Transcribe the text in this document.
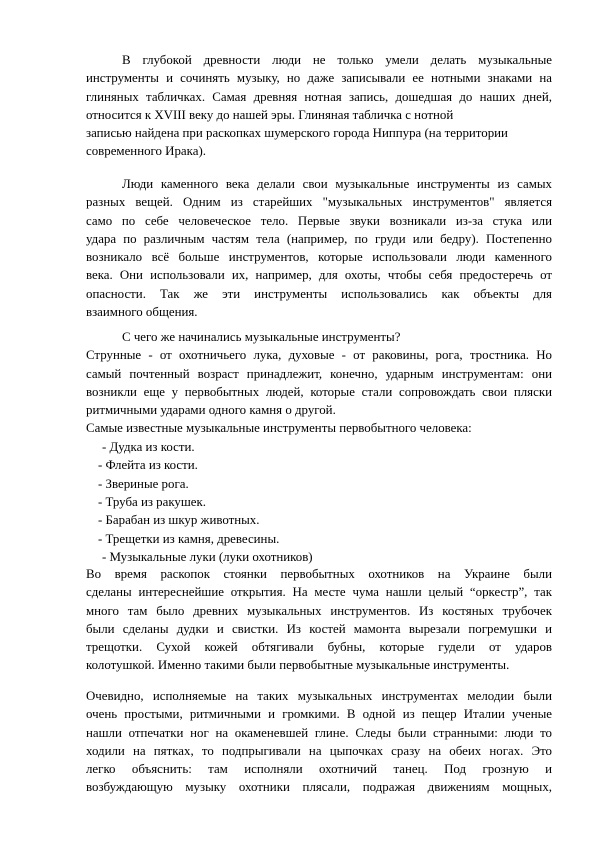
В глубокой древности люди не только умели делать музыкальные
инструменты и сочинять музыку, но даже записывали ее нотными знаками на
глиняных табличках. Самая древняя нотная запись, дошедшая до наших дней,
относится к XVIII веку до нашей эры. Глиняная табличка с нотной
записью найдена при раскопках шумерского города Ниппура (на территории
современного Ирака).
Люди каменного века делали свои музыкальные инструменты из самых
разных вещей. Одним из старейших "музыкальных инструментов" является
само по себе человеческое тело. Первые звуки возникали из-за стука или
удара по различным частям тела (например, по груди или бедру). Постепенно
возникало всё больше инструментов, которые использовали люди каменного
века. Они использовали их, например, для охоты, чтобы себя предостеречь от
опасности. Так же эти инструменты использовались как объекты для
взаимного общения.
С чего же начинались музыкальные инструменты?
Струнные - от охотничьего лука, духовые - от раковины, рога, тростника. Но
самый почтенный возраст принадлежит, конечно, ударным инструментам: они
возникли еще у первобытных людей, которые стали сопровождать свои пляски
ритмичными ударами одного камня о другой.
Самые известные музыкальные инструменты первобытного человека:
- Дудка из кости.
- Флейта из кости.
- Звериные рога.
- Труба из ракушек.
- Барабан из шкур животных.
- Трещетки из камня, древесины.
- Музыкальные луки (луки охотников)
Во время раскопок стоянки первобытных охотников на Украине были
сделаны интереснейшие открытия. На месте чума нашли целый “оркестр”, так
много там было древних музыкальных инструментов. Из костяных трубочек
были сделаны дудки и свистки. Из костей мамонта вырезали погремушки и
трещотки. Сухой кожей обтягивали бубны, которые гудели от ударов
колотушкой. Именно такими были первобытные музыкальные инструменты.
Очевидно, исполняемые на таких музыкальных инструментах мелодии были
очень простыми, ритмичными и громкими. В одной из пещер Италии ученые
нашли отпечатки ног на окаменевшей глине. Следы были странными: люди то
ходили на пятках, то подпрыгивали на цыпочках сразу на обеих ногах. Это
легко объяснить: там исполняли охотничий танец. Под грозную и
возбуждающую музыку охотники плясали, подражая движениям мощных,
